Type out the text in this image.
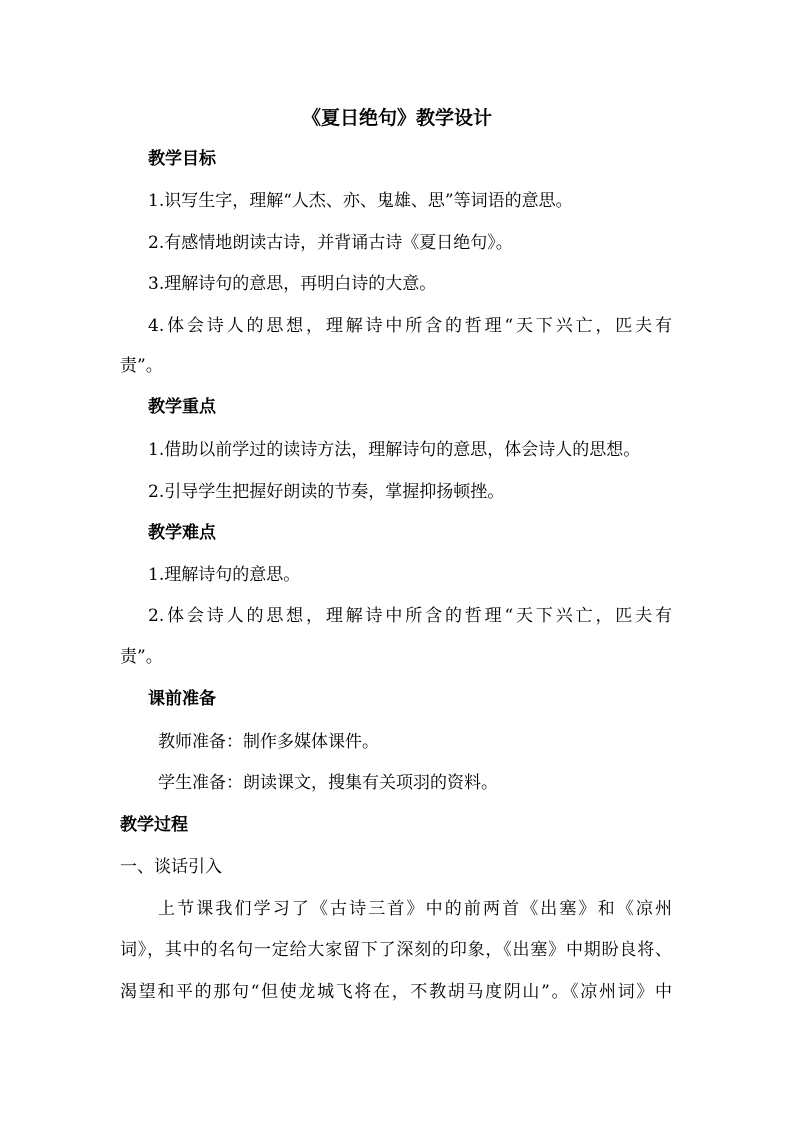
《夏日绝句》教学设计
教学目标
1.识写生字，理解“人杰、亦、鬼雄、思”等词语的意思。
2.有感情地朗读古诗，并背诵古诗《夏日绝句》。
3.理解诗句的意思，再明白诗的大意。
4.体会诗人的思想，理解诗中所含的哲理“天下兴亡，匹夫有
责”。
教学重点
1.借助以前学过的读诗方法，理解诗句的意思，体会诗人的思想。
2.引导学生把握好朗读的节奏，掌握抑扬顿挫。
教学难点
1.理解诗句的意思。
2.体会诗人的思想，理解诗中所含的哲理“天下兴亡，匹夫有
责”。
课前准备
教师准备：制作多媒体课件。
学生准备：朗读课文，搜集有关项羽的资料。
教学过程
一、谈话引入
上节课我们学习了《古诗三首》中的前两首《出塞》和《凉州
词》，其中的名句一定给大家留下了深刻的印象，《出塞》中期盼良将、
渴望和平的那句“但使龙城飞将在，不教胡马度阴山”。《凉州词》中
